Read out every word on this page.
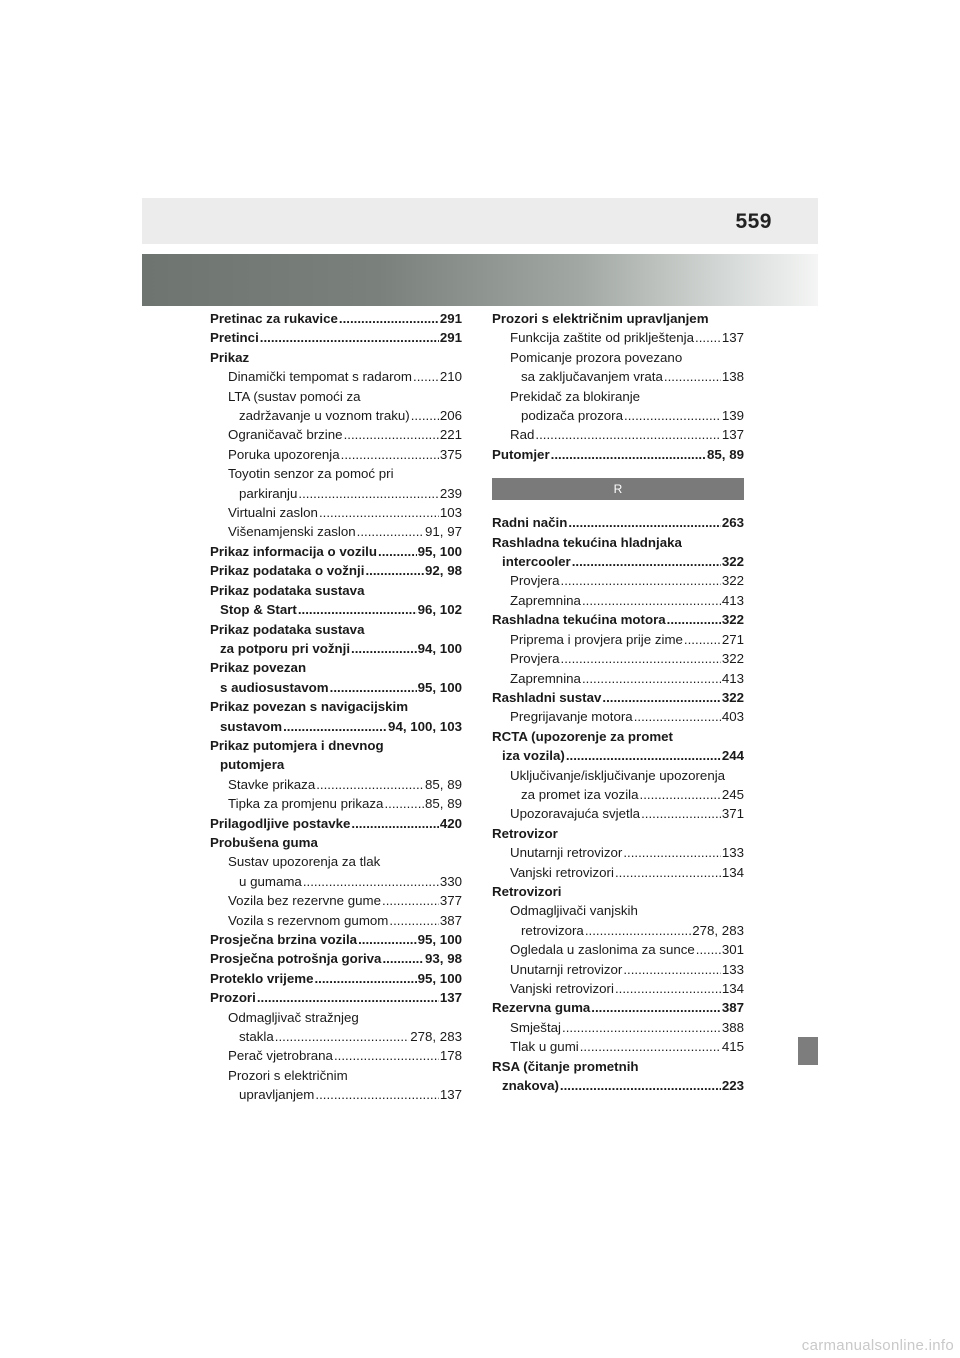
559
Pretinac za rukavice .....	291
Pretinci .....	291
Prikaz
Dinamički tempomat s radarom ..... 210
LTA (sustav pomoći za
zadržavanje u voznom traku) ..... 206
Ograničavač brzine .....	221
Poruka upozorenja .....	375
Toyotin senzor za pomoć pri
parkiranju .....	239
Virtualni zaslon .....	103
Višenamjenski zaslon .....	91, 97
Prikaz informacija o vozilu .....	95, 100
Prikaz podataka o vožnji .....	92, 98
Prikaz podataka sustava
Stop & Start .....	96, 102
Prikaz podataka sustava
za potporu pri vožnji .....	94, 100
Prikaz povezan
s audiosustavom .....	95, 100
Prikaz povezan s navigacijskim
sustavom .....	94, 100, 103
Prikaz putomjera i dnevnog
putomjera
Stavke prikaza .....	85, 89
Tipka za promjenu prikaza .....	85, 89
Prilagodljive postavke .....	420
Probušena guma
Sustav upozorenja za tlak
u gumama .....	330
Vozila bez rezervne gume .....	377
Vozila s rezervnom gumom .....	387
Prosječna brzina vozila .....	95, 100
Prosječna potrošnja goriva .....	93, 98
Proteklo vrijeme .....	95, 100
Prozori .....	137
Odmagljivač stražnjeg
stakla .....	278, 283
Perač vjetrobrana .....	178
Prozori s električnim
upravljanjem .....	137
Prozori s električnim upravljanjem
Funkcija zaštite od priklještenja ..... 137
Pomicanje prozora povezano
sa zaključavanjem vrata .....	138
Prekidač za blokiranje
podizača prozora .....	139
Rad .....	137
Putomjer .....	85, 89
R
Radni način .....	263
Rashladna tekućina hladnjaka
intercooler .....	322
Provjera .....	322
Zapremnina .....	413
Rashladna tekućina motora .....	322
Priprema i provjera prije zime .....	271
Provjera .....	322
Zapremnina .....	413
Rashladni sustav .....	322
Pregrijavanje motora .....	403
RCTA (upozorenje za promet
iza vozila) .....	244
Uključivanje/isključivanje upozorenja
za promet iza vozila .....	245
Upozoravajuća svjetla .....	371
Retrovizor
Unutarnji retrovizor .....	133
Vanjski retrovizori .....	134
Retrovizori
Odmagljivači vanjskih
retrovizora .....	278, 283
Ogledala u zaslonima za sunce ..... 301
Unutarnji retrovizor .....	133
Vanjski retrovizori .....	134
Rezervna guma .....	387
Smještaj .....	388
Tlak u gumi .....	415
RSA (čitanje prometnih
znakova) .....	223
carmanualsonline.info
